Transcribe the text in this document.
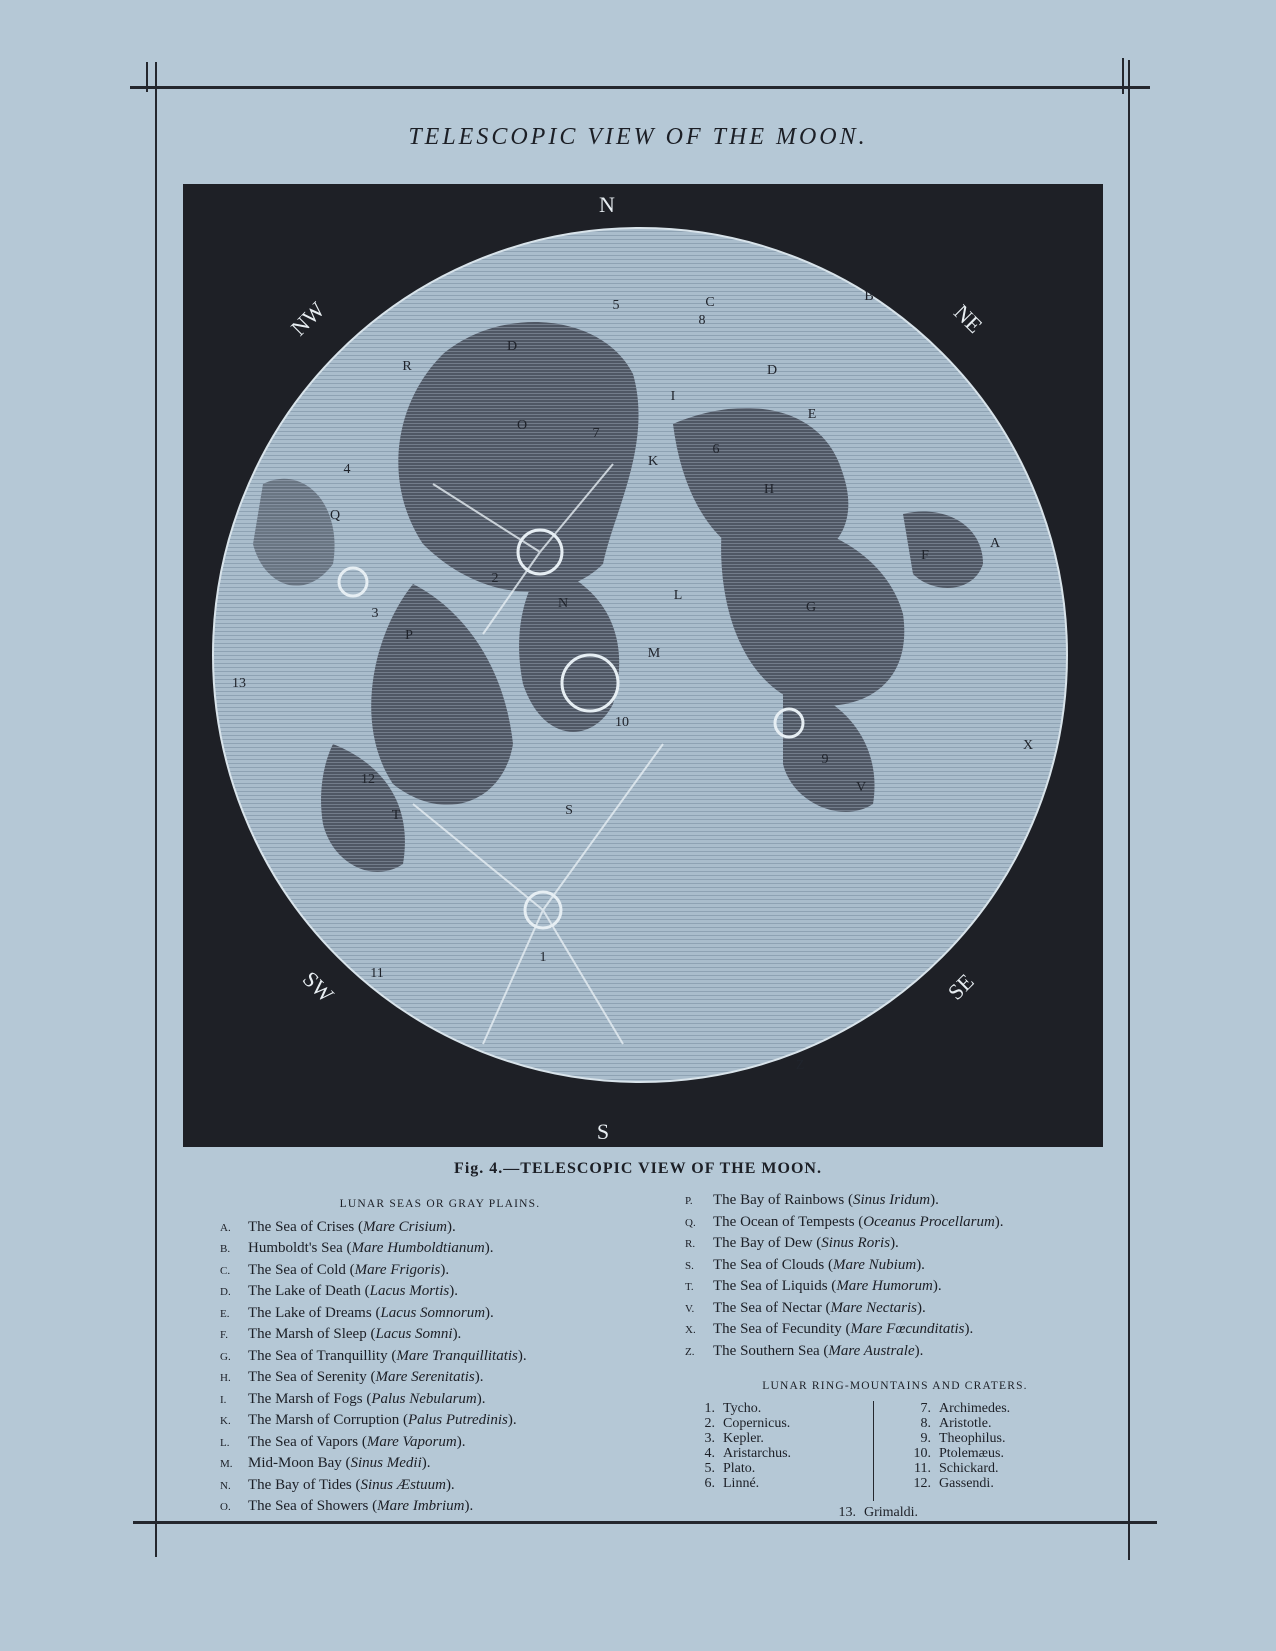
TELESCOPIC VIEW OF THE MOON.
N
S
NW	NE
SW	SE
A
B
C
D
D
E
F
G
H
I
K
L
M
N
O
P
Q
R
S
T
V
X
Z
1
2
3
4
5
6
7
8
9
10
11
12
13
Fig. 4.—TELESCOPIC VIEW OF THE MOON.
LUNAR SEAS OR GRAY PLAINS.
A. The Sea of Crises (Mare Crisium).
B. Humboldt's Sea (Mare Humboldtianum).
C. The Sea of Cold (Mare Frigoris).
D. The Lake of Death (Lacus Mortis).
E. The Lake of Dreams (Lacus Somnorum).
F. The Marsh of Sleep (Lacus Somni).
G. The Sea of Tranquillity (Mare Tranquillitatis).
H. The Sea of Serenity (Mare Serenitatis).
I. The Marsh of Fogs (Palus Nebularum).
K. The Marsh of Corruption (Palus Putredinis).
L. The Sea of Vapors (Mare Vaporum).
M. Mid-Moon Bay (Sinus Medii).
N. The Bay of Tides (Sinus Æstuum).
O. The Sea of Showers (Mare Imbrium).
P. The Bay of Rainbows (Sinus Iridum).
Q. The Ocean of Tempests (Oceanus Procellarum).
R. The Bay of Dew (Sinus Roris).
S. The Sea of Clouds (Mare Nubium).
T. The Sea of Liquids (Mare Humorum).
V. The Sea of Nectar (Mare Nectaris).
X. The Sea of Fecundity (Mare Fœcunditatis).
Z. The Southern Sea (Mare Australe).
LUNAR RING-MOUNTAINS AND CRATERS.
1. Tycho.
2. Copernicus.
3. Kepler.
4. Aristarchus.
5. Plato.
6. Linné.
7. Archimedes.
8. Aristotle.
9. Theophilus.
10. Ptolemæus.
11. Schickard.
12. Gassendi.
13. Grimaldi.
